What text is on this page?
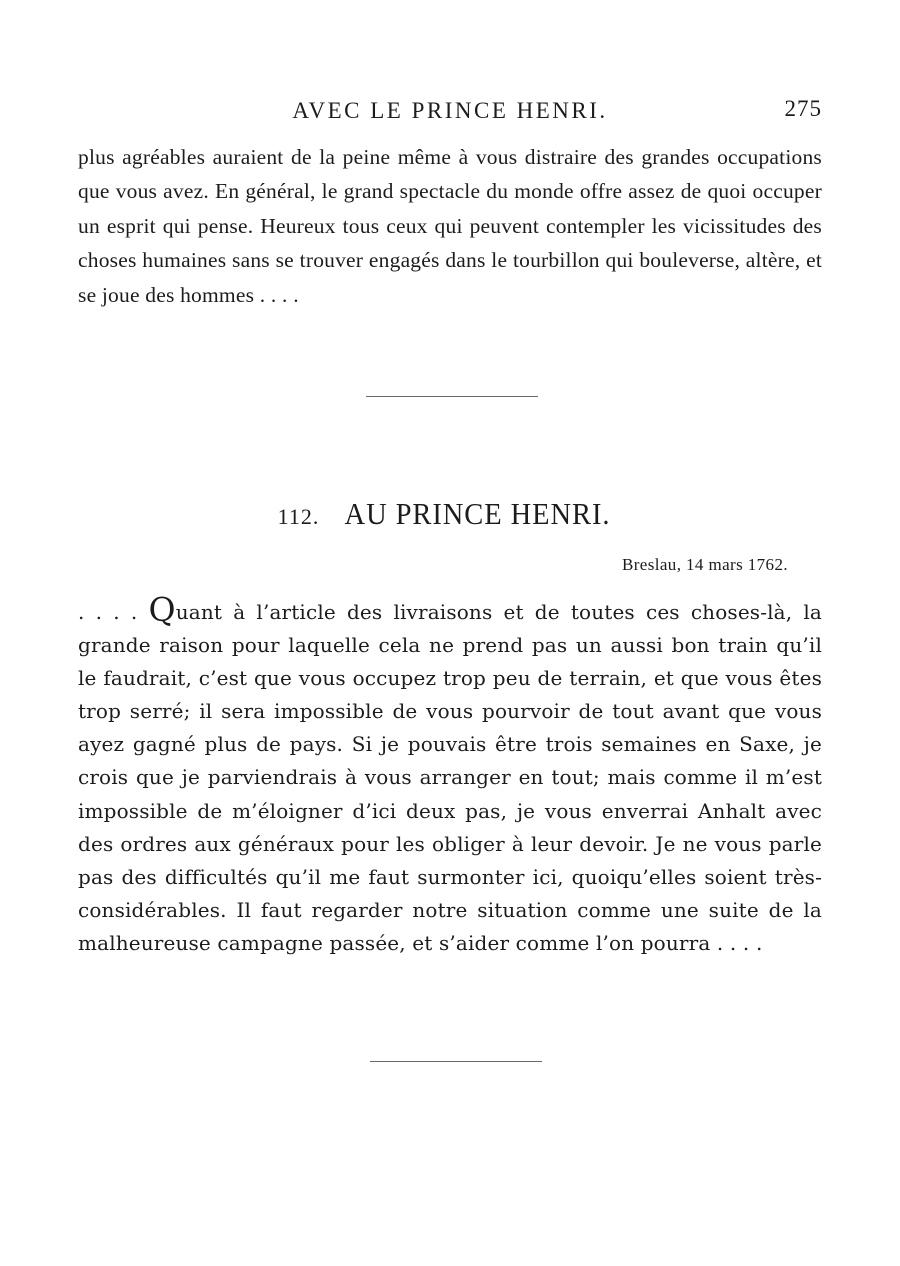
AVEC LE PRINCE HENRI.	275

plus agréables auraient de la peine même à vous distraire des grandes occupations que vous avez. En général, le grand spectacle du monde offre assez de quoi occuper un esprit qui pense. Heureux tous ceux qui peuvent contempler les vicissitudes des choses humaines sans se trouver engagés dans le tourbillon qui bouleverse, altère, et se joue des hommes . . . .

112. AU PRINCE HENRI.
Breslau, 14 mars 1762.

. . . . Quant à l’article des livraisons et de toutes ces choses-là, la grande raison pour laquelle cela ne prend pas un aussi bon train qu’il le faudrait, c’est que vous occupez trop peu de terrain, et que vous êtes trop serré; il sera impossible de vous pourvoir de tout avant que vous ayez gagné plus de pays. Si je pouvais être trois semaines en Saxe, je crois que je parviendrais à vous arranger en tout; mais comme il m’est impossible de m’éloigner d’ici deux pas, je vous enverrai Anhalt avec des ordres aux généraux pour les obliger à leur devoir. Je ne vous parle pas des difficultés qu’il me faut surmonter ici, quoiqu’elles soient très-considérables. Il faut regarder notre situation comme une suite de la malheureuse campagne passée, et s’aider comme l’on pourra . . . .
